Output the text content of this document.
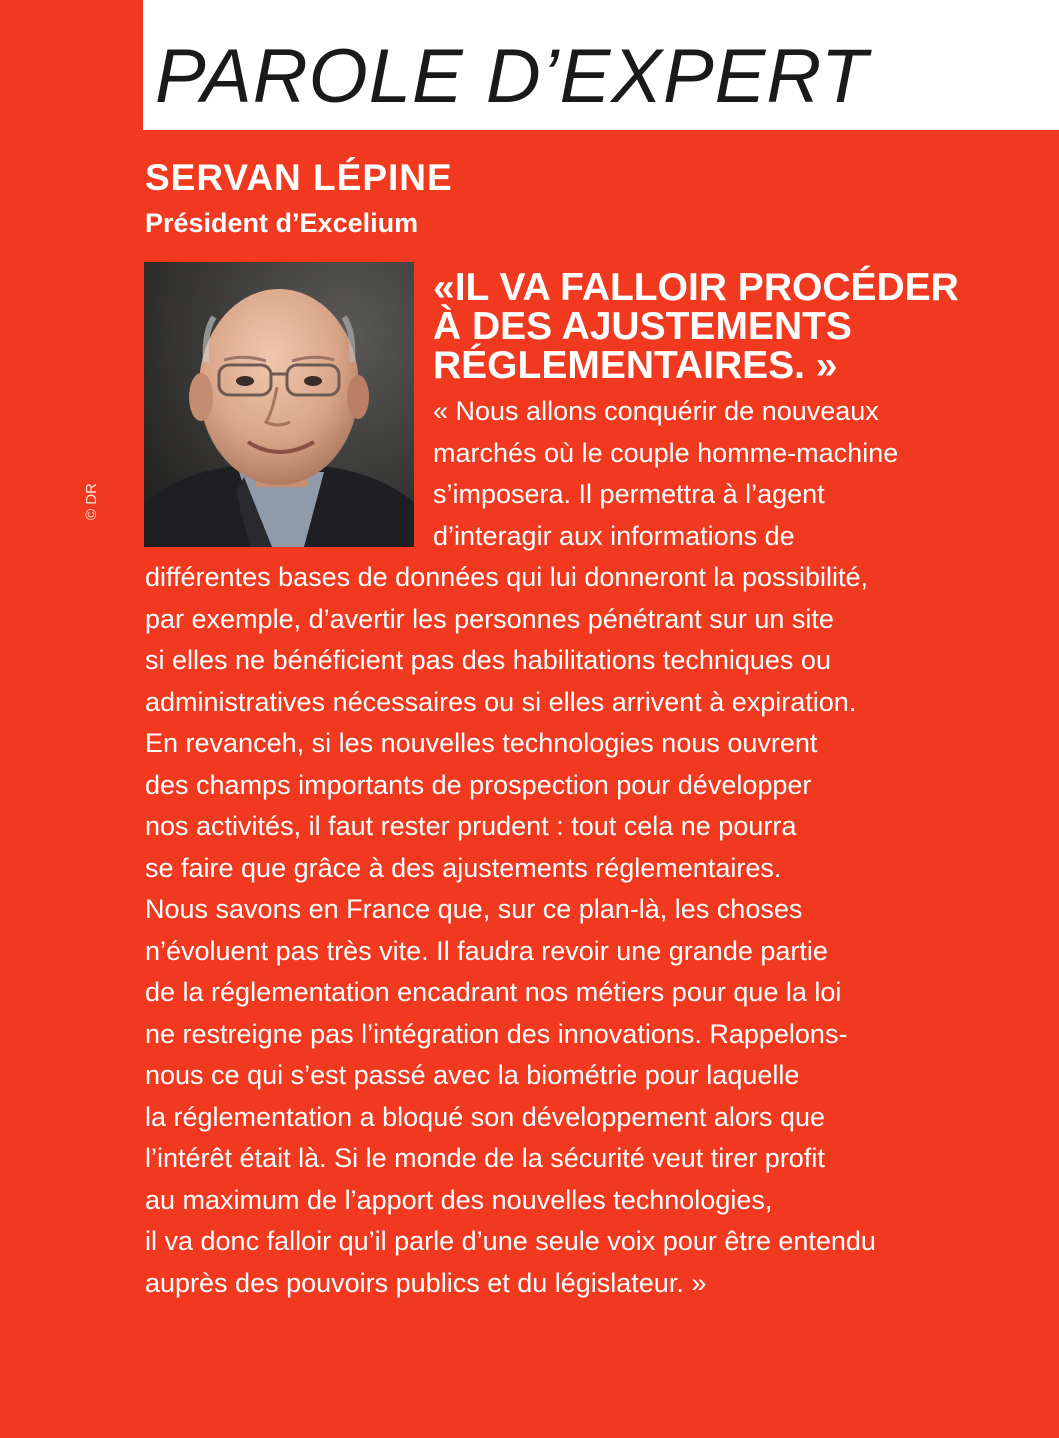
PAROLE D’EXPERT
SERVAN LÉPINE

Président d’Excelium

© DR

«IL VA FALLOIR PROCÉDER
À DES AJUSTEMENTS
RÉGLEMENTAIRES. »

« Nous allons conquérir de nouveaux
marchés où le couple homme-machine
s’imposera. Il permettra à l’agent
d’interagir aux informations de

différentes bases de données qui lui donneront la possibilité,
par exemple, d’avertir les personnes pénétrant sur un site
si elles ne bénéficient pas des habilitations techniques ou
administratives nécessaires ou si elles arrivent à expiration.
En revanceh, si les nouvelles technologies nous ouvrent
des champs importants de prospection pour développer
nos activités, il faut rester prudent : tout cela ne pourra
se faire que grâce à des ajustements réglementaires.
Nous savons en France que, sur ce plan-là, les choses
n’évoluent pas très vite. Il faudra revoir une grande partie
de la réglementation encadrant nos métiers pour que la loi
ne restreigne pas l’intégration des innovations. Rappelons-
nous ce qui s’est passé avec la biométrie pour laquelle
la réglementation a bloqué son développement alors que
l’intérêt était là. Si le monde de la sécurité veut tirer profit
au maximum de l’apport des nouvelles technologies,
il va donc falloir qu’il parle d’une seule voix pour être entendu
auprès des pouvoirs publics et du législateur. »
